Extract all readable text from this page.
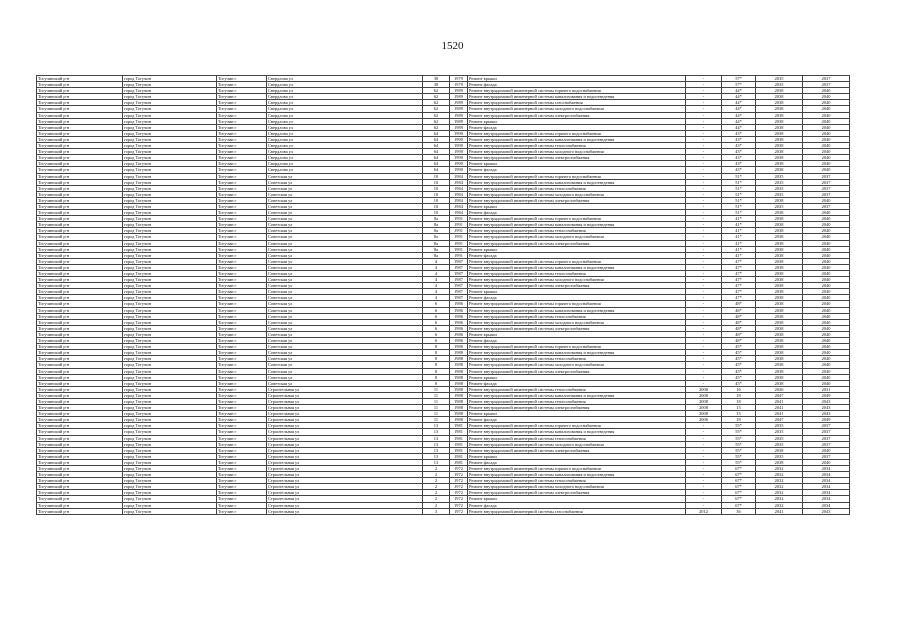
1520
Тогучинский р-н	город Тогучин	Тогучин г	Свердлова ул	38	1979	Ремонт крыши	-	57*	2035	2037
Тогучинский р-н	город Тогучин	Тогучин г	Свердлова ул	38	1979	Ремонт фасада	-	57*	2035	2037
Тогучинский р-н	город Тогучин	Тогучин г	Свердлова ул	62	1989	Ремонт внутридомовой инженерной системы горячего водоснабжения	-	44*	2038	2040
Тогучинский р-н	город Тогучин	Тогучин г	Свердлова ул	62	1989	Ремонт внутридомовой инженерной системы канализования и водоотведения	-	44*	2038	2040
Тогучинский р-н	город Тогучин	Тогучин г	Свердлова ул	62	1989	Ремонт внутридомовой инженерной системы газоснабжения	-	44*	2038	2040
Тогучинский р-н	город Тогучин	Тогучин г	Свердлова ул	62	1989	Ремонт внутридомовой инженерной системы холодного водоснабжения	-	44*	2038	2040
Тогучинский р-н	город Тогучин	Тогучин г	Свердлова ул	62	1989	Ремонт внутридомовой инженерной системы электроснабжения	-	44*	2038	2040
Тогучинский р-н	город Тогучин	Тогучин г	Свердлова ул	62	1989	Ремонт крыши	-	44*	2038	2040
Тогучинский р-н	город Тогучин	Тогучин г	Свердлова ул	62	1989	Ремонт фасада	-	44*	2038	2040
Тогучинский р-н	город Тогучин	Тогучин г	Свердлова ул	64	1990	Ремонт внутридомовой инженерной системы горячего водоснабжения	-	43*	2038	2040
Тогучинский р-н	город Тогучин	Тогучин г	Свердлова ул	64	1990	Ремонт внутридомовой инженерной системы канализования и водоотведения	-	43*	2038	2040
Тогучинский р-н	город Тогучин	Тогучин г	Свердлова ул	64	1990	Ремонт внутридомовой инженерной системы теплоснабжения	-	43*	2038	2040
Тогучинский р-н	город Тогучин	Тогучин г	Свердлова ул	64	1990	Ремонт внутридомовой инженерной системы холодного водоснабжения	-	43*	2038	2040
Тогучинский р-н	город Тогучин	Тогучин г	Свердлова ул	64	1990	Ремонт внутридомовой инженерной системы электроснабжения	-	43*	2038	2040
Тогучинский р-н	город Тогучин	Тогучин г	Свердлова ул	64	1990	Ремонт крыши	-	43*	2038	2040
Тогучинский р-н	город Тогучин	Тогучин г	Свердлова ул	64	1990	Ремонт фасада	-	43*	2038	2040
Тогучинский р-н	город Тогучин	Тогучин г	Советская ул	10	1984	Ремонт внутридомовой инженерной системы горячего водоснабжения	-	51*	2035	2037
Тогучинский р-н	город Тогучин	Тогучин г	Советская ул	10	1984	Ремонт внутридомовой инженерной системы канализования и водоотведения	-	51*	2035	2037
Тогучинский р-н	город Тогучин	Тогучин г	Советская ул	10	1984	Ремонт внутридомовой инженерной системы теплоснабжения	-	51*	2035	2037
Тогучинский р-н	город Тогучин	Тогучин г	Советская ул	10	1984	Ремонт внутридомовой инженерной системы холодного водоснабжения	-	51*	2035	2037
Тогучинский р-н	город Тогучин	Тогучин г	Советская ул	10	1984	Ремонт внутридомовой инженерной системы электроснабжения	-	51*	2038	2040
Тогучинский р-н	город Тогучин	Тогучин г	Советская ул	10	1984	Ремонт крыши	-	51*	2035	2037
Тогучинский р-н	город Тогучин	Тогучин г	Советская ул	10	1984	Ремонт фасада	-	51*	2038	2040
Тогучинский р-н	город Тогучин	Тогучин г	Советская ул	8а	1991	Ремонт внутридомовой инженерной системы горячего водоснабжения	-	41*	2038	2040
Тогучинский р-н	город Тогучин	Тогучин г	Советская ул	8а	1991	Ремонт внутридомовой инженерной системы канализования и водоотведения	-	41*	2038	2040
Тогучинский р-н	город Тогучин	Тогучин г	Советская ул	8а	1991	Ремонт внутридомовой инженерной системы теплоснабжения	-	41*	2038	2040
Тогучинский р-н	город Тогучин	Тогучин г	Советская ул	8а	1991	Ремонт внутридомовой инженерной системы холодного водоснабжения	-	41*	2038	2040
Тогучинский р-н	город Тогучин	Тогучин г	Советская ул	8а	1991	Ремонт внутридомовой инженерной системы электроснабжения	-	41*	2038	2040
Тогучинский р-н	город Тогучин	Тогучин г	Советская ул	8а	1991	Ремонт крыши	-	41*	2038	2040
Тогучинский р-н	город Тогучин	Тогучин г	Советская ул	8а	1991	Ремонт фасада	-	41*	2038	2040
Тогучинский р-н	город Тогучин	Тогучин г	Советская ул	4	1987	Ремонт внутридомовой инженерной системы горячего водоснабжения	-	47*	2038	2040
Тогучинский р-н	город Тогучин	Тогучин г	Советская ул	4	1987	Ремонт внутридомовой инженерной системы канализования и водоотведения	-	47*	2038	2040
Тогучинский р-н	город Тогучин	Тогучин г	Советская ул	4	1987	Ремонт внутридомовой инженерной системы теплоснабжения	-	47*	2038	2040
Тогучинский р-н	город Тогучин	Тогучин г	Советская ул	4	1987	Ремонт внутридомовой инженерной системы холодного водоснабжения	-	47*	2038	2040
Тогучинский р-н	город Тогучин	Тогучин г	Советская ул	4	1987	Ремонт внутридомовой инженерной системы электроснабжения	-	47*	2038	2040
Тогучинский р-н	город Тогучин	Тогучин г	Советская ул	4	1987	Ремонт крыши	-	47*	2038	2040
Тогучинский р-н	город Тогучин	Тогучин г	Советская ул	4	1987	Ремонт фасада	-	47*	2038	2040
Тогучинский р-н	город Тогучин	Тогучин г	Советская ул	6	1986	Ремонт внутридомовой инженерной системы горячего водоснабжения	-	48*	2038	2040
Тогучинский р-н	город Тогучин	Тогучин г	Советская ул	6	1986	Ремонт внутридомовой инженерной системы канализования и водоотведения	-	48*	2038	2040
Тогучинский р-н	город Тогучин	Тогучин г	Советская ул	6	1986	Ремонт внутридомовой инженерной системы теплоснабжения	-	48*	2038	2040
Тогучинский р-н	город Тогучин	Тогучин г	Советская ул	6	1986	Ремонт внутридомовой инженерной системы холодного водоснабжения	-	48*	2038	2040
Тогучинский р-н	город Тогучин	Тогучин г	Советская ул	6	1986	Ремонт внутридомовой инженерной системы электроснабжения	-	48*	2038	2040
Тогучинский р-н	город Тогучин	Тогучин г	Советская ул	6	1986	Ремонт крыши	-	48*	2038	2040
Тогучинский р-н	город Тогучин	Тогучин г	Советская ул	6	1986	Ремонт фасада	-	48*	2038	2040
Тогучинский р-н	город Тогучин	Тогучин г	Советская ул	8	1988	Ремонт внутридомовой инженерной системы горячего водоснабжения	-	45*	2038	2040
Тогучинский р-н	город Тогучин	Тогучин г	Советская ул	8	1988	Ремонт внутридомовой инженерной системы канализования и водоотведения	-	45*	2038	2040
Тогучинский р-н	город Тогучин	Тогучин г	Советская ул	8	1988	Ремонт внутридомовой инженерной системы теплоснабжения	-	45*	2038	2040
Тогучинский р-н	город Тогучин	Тогучин г	Советская ул	8	1988	Ремонт внутридомовой инженерной системы холодного водоснабжения	-	45*	2038	2040
Тогучинский р-н	город Тогучин	Тогучин г	Советская ул	8	1988	Ремонт внутридомовой инженерной системы электроснабжения	-	45*	2038	2040
Тогучинский р-н	город Тогучин	Тогучин г	Советская ул	8	1988	Ремонт крыши	-	45*	2038	2040
Тогучинский р-н	город Тогучин	Тогучин г	Советская ул	8	1988	Ремонт фасада	-	45*	2038	2040
Тогучинский р-н	город Тогучин	Тогучин г	Строительная ул	11	1988	Ремонт внутридомовой инженерной системы теплоснабжения	2008	16	2026	2031
Тогучинский р-н	город Тогучин	Тогучин г	Строительная ул	11	1988	Ремонт внутридомовой инженерной системы канализования и водоотведения	2008	18	2047	2049
Тогучинский р-н	город Тогучин	Тогучин г	Строительная ул	11	1988	Ремонт внутридомовой инженерной системы теплоснабжения	2008	18	2041	2043
Тогучинский р-н	город Тогучин	Тогучин г	Строительная ул	11	1988	Ремонт внутридомовой инженерной системы электроснабжения	2008	15	2041	2043
Тогучинский р-н	город Тогучин	Тогучин г	Строительная ул	11	1988	Ремонт крыши	2008	15	2041	2043
Тогучинский р-н	город Тогучин	Тогучин г	Строительная ул	11	1988	Ремонт фасада	2006	18	2047	2049
Тогучинский р-н	город Тогучин	Тогучин г	Строительная ул	13	1981	Ремонт внутридомовой инженерной системы горячего водоснабжения	-	55*	2035	2037
Тогучинский р-н	город Тогучин	Тогучин г	Строительная ул	13	1981	Ремонт внутридомовой инженерной системы канализования и водоотведения	-	55*	2035	2037
Тогучинский р-н	город Тогучин	Тогучин г	Строительная ул	13	1981	Ремонт внутридомовой инженерной системы теплоснабжения	-	55*	2035	2037
Тогучинский р-н	город Тогучин	Тогучин г	Строительная ул	13	1981	Ремонт внутридомовой инженерной системы холодного водоснабжения	-	55*	2035	2037
Тогучинский р-н	город Тогучин	Тогучин г	Строительная ул	13	1981	Ремонт внутридомовой инженерной системы электроснабжения	-	55*	2038	2040
Тогучинский р-н	город Тогучин	Тогучин г	Строительная ул	13	1981	Ремонт крыши	-	55*	2035	2037
Тогучинский р-н	город Тогучин	Тогучин г	Строительная ул	13	1981	Ремонт фасада	-	55*	2038	2040
Тогучинский р-н	город Тогучин	Тогучин г	Строительная ул	2	1972	Ремонт внутридомовой инженерной системы горячего водоснабжения	-	67*	2032	2034
Тогучинский р-н	город Тогучин	Тогучин г	Строительная ул	2	1972	Ремонт внутридомовой инженерной системы канализования и водоотведения	-	67*	2032	2034
Тогучинский р-н	город Тогучин	Тогучин г	Строительная ул	2	1972	Ремонт внутридомовой инженерной системы теплоснабжения	-	67*	2032	2034
Тогучинский р-н	город Тогучин	Тогучин г	Строительная ул	2	1972	Ремонт внутридомовой инженерной системы холодного водоснабжения	-	67*	2032	2034
Тогучинский р-н	город Тогучин	Тогучин г	Строительная ул	2	1972	Ремонт внутридомовой инженерной системы электроснабжения	-	67*	2032	2034
Тогучинский р-н	город Тогучин	Тогучин г	Строительная ул	2	1972	Ремонт крыши	-	67*	2032	2034
Тогучинский р-н	город Тогучин	Тогучин г	Строительная ул	2	1972	Ремонт фасада	-	67*	2032	2034
Тогучинский р-н	город Тогучин	Тогучин г	Строительная ул	3	1972	Ремонт внутридомовой инженерной системы газоснабжения	2012	36	2041	2043
